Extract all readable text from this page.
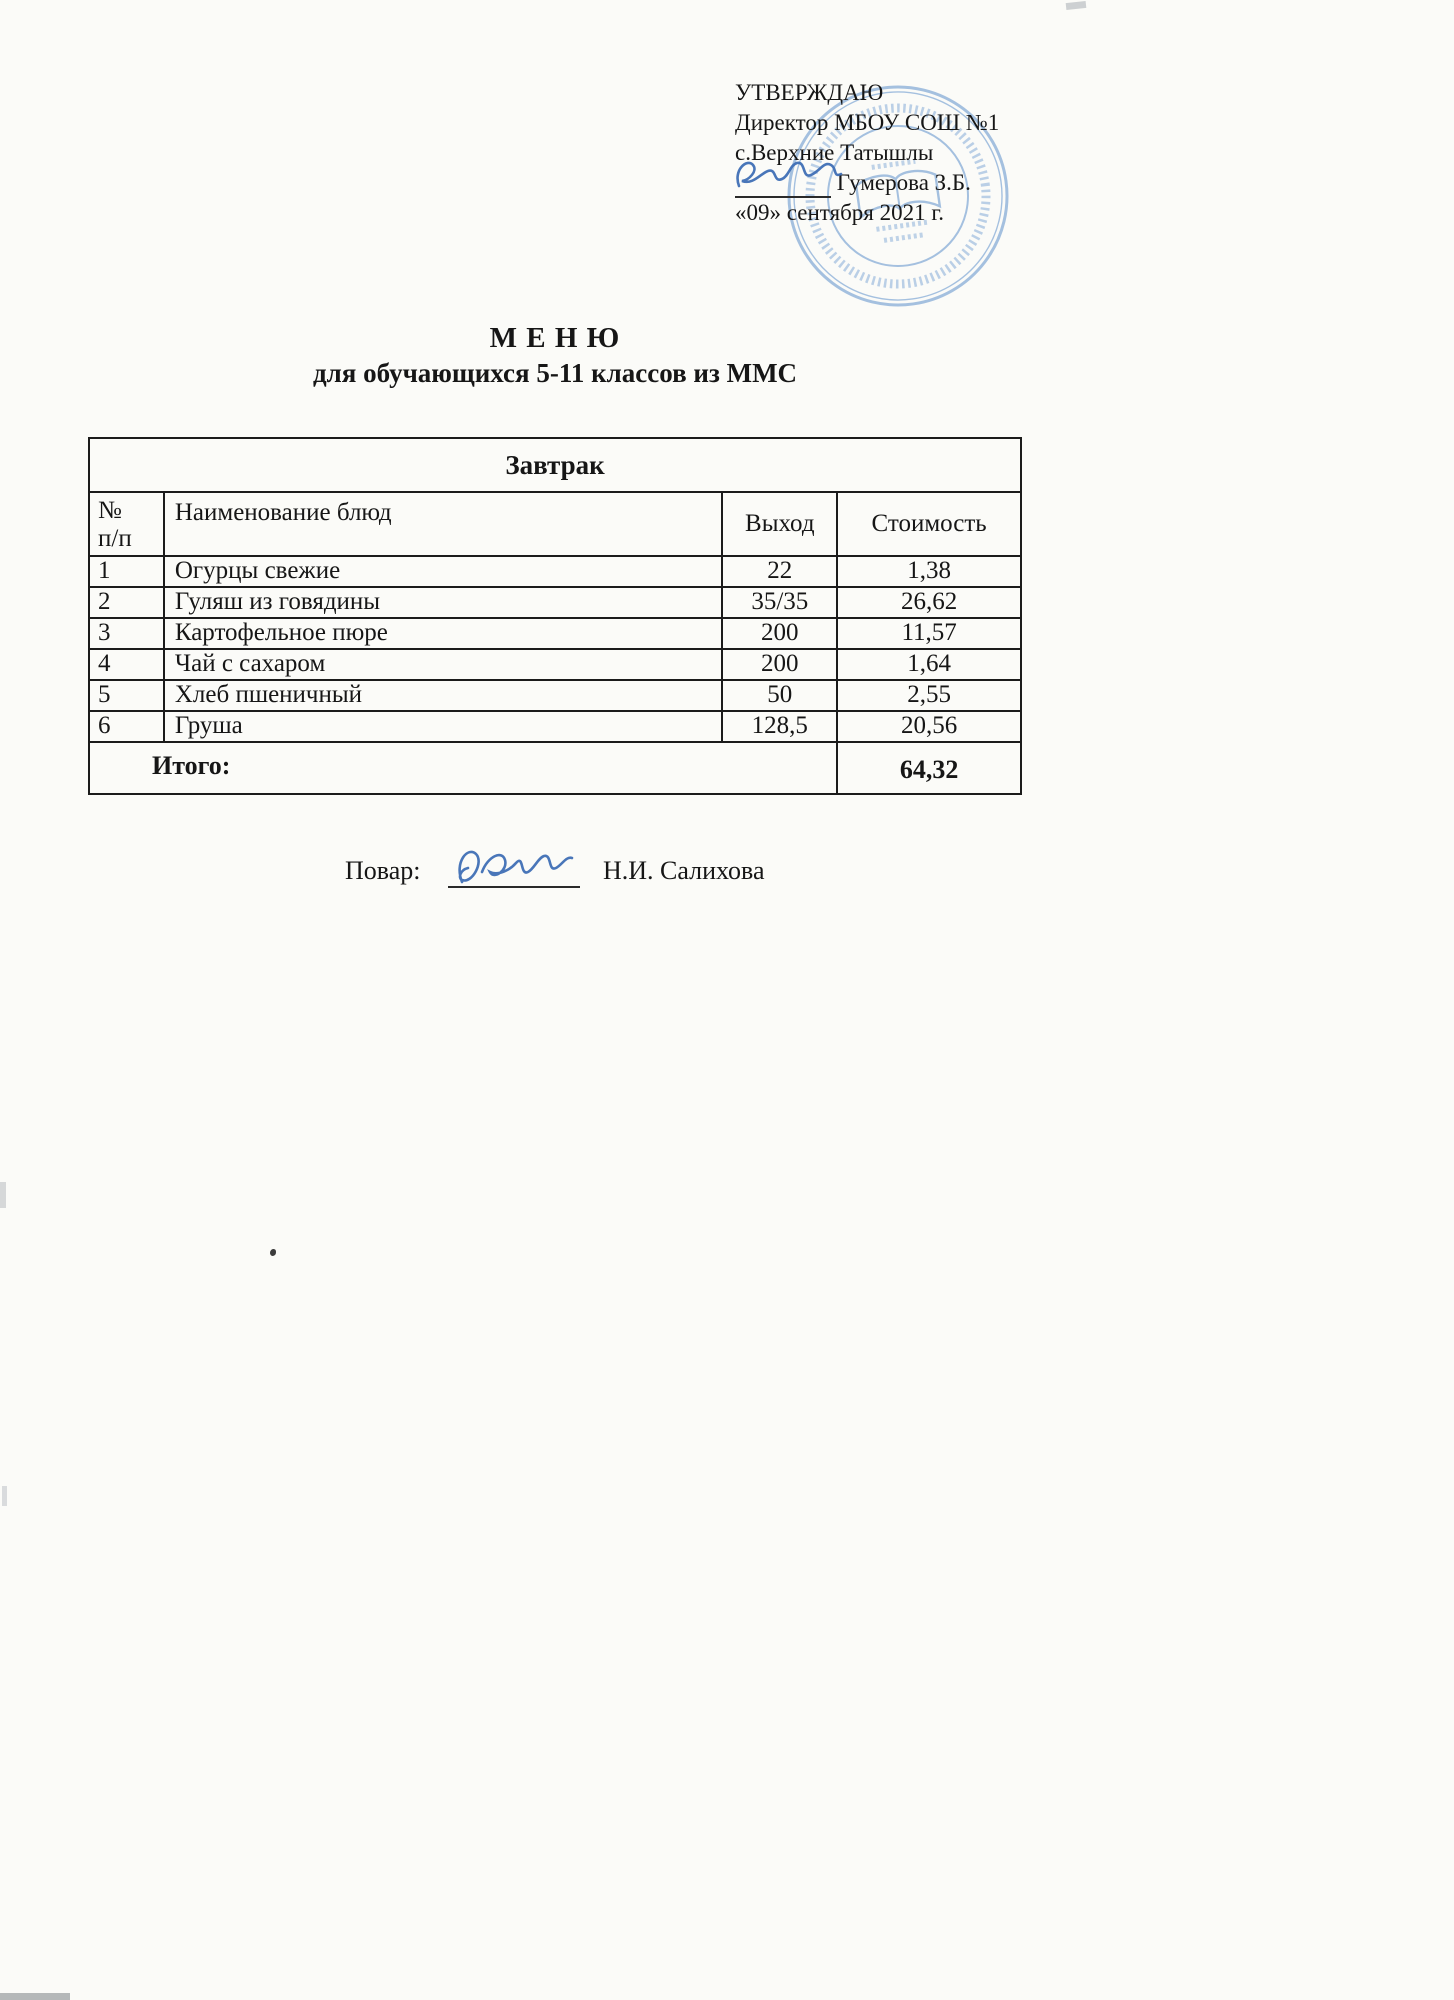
УТВЕРЖДАЮ
Директор МБОУ СОШ №1
с.Верхние Татышлы
Гумерова З.Б.
«09» сентября 2021 г.
М Е Н Ю
для обучающихся 5-11 классов из ММС
Завтрак			

№
п/п	Наименование блюд	Выход	Стоимость
1	Огурцы свежие	22	1,38
2	Гуляш из говядины	35/35	26,62
3	Картофельное пюре	200	11,57
4	Чай с сахаром	200	1,64
5	Хлеб пшеничный	50	2,55
6	Груша	128,5	20,56
Итого:			64,32
Повар:	Н.И. Салихова
